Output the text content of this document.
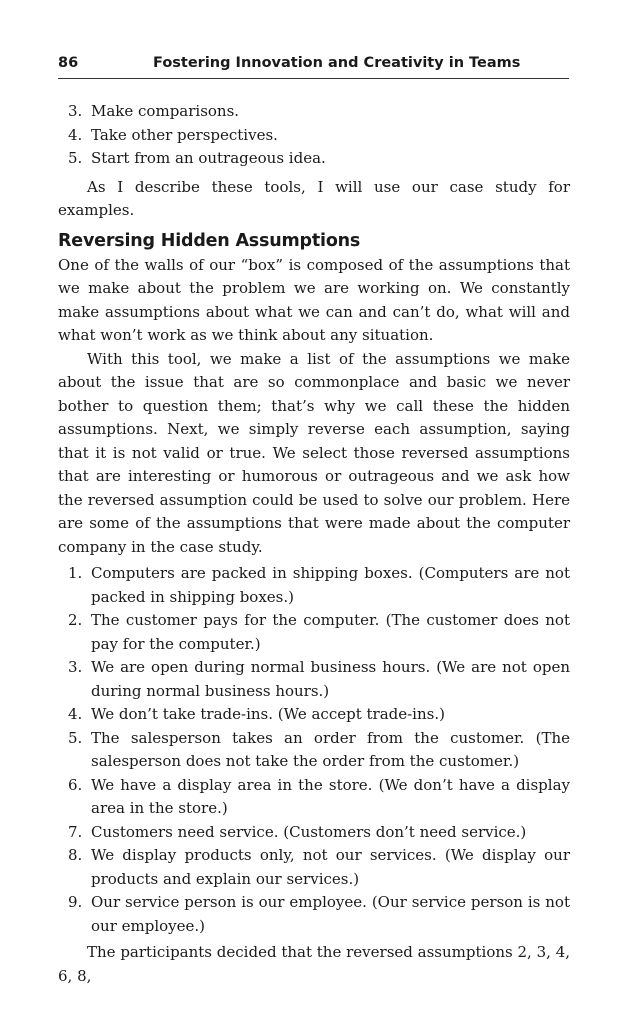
86	Fostering Innovation and Creativity in Teams
3. Make comparisons.
4. Take other perspectives.
5. Start from an outrageous idea.

As I describe these tools, I will use our case study for examples.

Reversing Hidden Assumptions

One of the walls of our “box” is composed of the assumptions that we make about the problem we are working on. We constantly make assumptions about what we can and can’t do, what will and what won’t work as we think about any situation.

With this tool, we make a list of the assumptions we make about the issue that are so commonplace and basic we never bother to question them; that’s why we call these the hidden assumptions. Next, we simply reverse each assumption, saying that it is not valid or true. We select those reversed assumptions that are interesting or humorous or outrageous and we ask how the reversed assumption could be used to solve our problem. Here are some of the assumptions that were made about the computer company in the case study.

1. Computers are packed in shipping boxes. (Computers are not packed in shipping boxes.)
2. The customer pays for the computer. (The customer does not pay for the computer.)
3. We are open during normal business hours. (We are not open during normal business hours.)
4. We don’t take trade-ins. (We accept trade-ins.)
5. The salesperson takes an order from the customer. (The salesperson does not take the order from the customer.)
6. We have a display area in the store. (We don’t have a display area in the store.)
7. Customers need service. (Customers don’t need service.)
8. We display products only, not our services. (We display our products and explain our services.)
9. Our service person is our employee. (Our service person is not our employee.)

The participants decided that the reversed assumptions 2, 3, 4, 6, 8,
